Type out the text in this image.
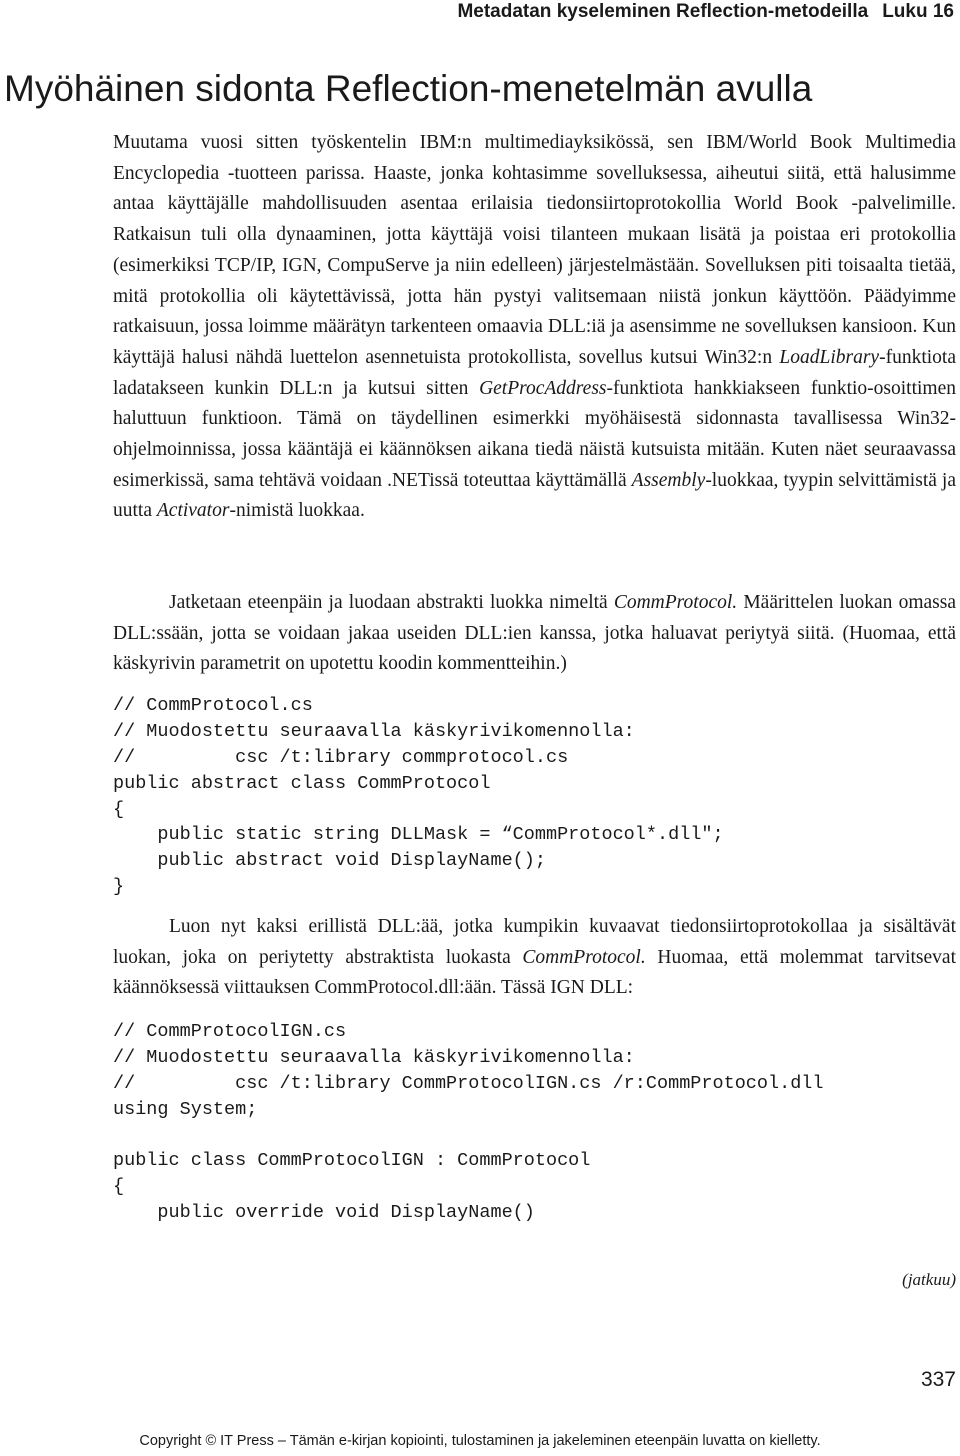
Metadatan kyseleminen Reflection-metodeilla Luku 16
Myöhäinen sidonta Reflection-menetelmän avulla

Muutama vuosi sitten työskentelin IBM:n multimediayksikössä, sen IBM/World Book Multimedia Encyclopedia -tuotteen parissa. Haaste, jonka kohtasimme sovelluksessa, aiheutui siitä, että halusimme antaa käyttäjälle mahdollisuuden asentaa erilaisia tiedonsiirtoprotokollia World Book -palvelimille. Ratkaisun tuli olla dynaaminen, jotta käyttäjä voisi tilanteen mukaan lisätä ja poistaa eri protokollia (esimerkiksi TCP/IP, IGN, CompuServe ja niin edelleen) järjestelmästään. Sovelluksen piti toisaalta tietää, mitä protokollia oli käytettävissä, jotta hän pystyi valitsemaan niistä jonkun käyttöön. Päädyimme ratkaisuun, jossa loimme määrätyn tarkenteen omaavia DLL:iä ja asensimme ne sovelluksen kansioon. Kun käyttäjä halusi nähdä luettelon asennetuista protokollista, sovellus kutsui Win32:n LoadLibrary-funktiota ladatakseen kunkin DLL:n ja kutsui sitten GetProcAddress-funktiota hankkiakseen funktio-osoittimen haluttuun funktioon. Tämä on täydellinen esimerkki myöhäisestä sidonnasta tavallisessa Win32-ohjelmoinnissa, jossa kääntäjä ei käännöksen aikana tiedä näistä kutsuista mitään. Kuten näet seuraavassa esimerkissä, sama tehtävä voidaan .NETissä toteuttaa käyttämällä Assembly-luokkaa, tyypin selvittämistä ja uutta Activator-nimistä luokkaa.

Jatketaan eteenpäin ja luodaan abstrakti luokka nimeltä CommProtocol. Määrittelen luokan omassa DLL:ssään, jotta se voidaan jakaa useiden DLL:ien kanssa, jotka haluavat periytyä siitä. (Huomaa, että käskyrivin parametrit on upotettu koodin kommentteihin.)

// CommProtocol.cs
// Muodostettu seuraavalla käskyrivikomennolla:
//         csc /t:library commprotocol.cs
public abstract class CommProtocol
{
public static string DLLMask = “CommProtocol*.dll";
public abstract void DisplayName();
}

Luon nyt kaksi erillistä DLL:ää, jotka kumpikin kuvaavat tiedonsiirtoprotokollaa ja sisältävät luokan, joka on periytetty abstraktista luokasta CommProtocol. Huomaa, että molemmat tarvitsevat käännöksessä viittauksen CommProtocol.dll:ään. Tässä IGN DLL:

// CommProtocolIGN.cs
// Muodostettu seuraavalla käskyrivikomennolla:
//         csc /t:library CommProtocolIGN.cs /r:CommProtocol.dll
using System;
public class CommProtocolIGN : CommProtocol
{
public override void DisplayName()
(jatkuu)
337
Copyright © IT Press – Tämän e-kirjan kopiointi, tulostaminen ja jakeleminen eteenpäin luvatta on kielletty.
